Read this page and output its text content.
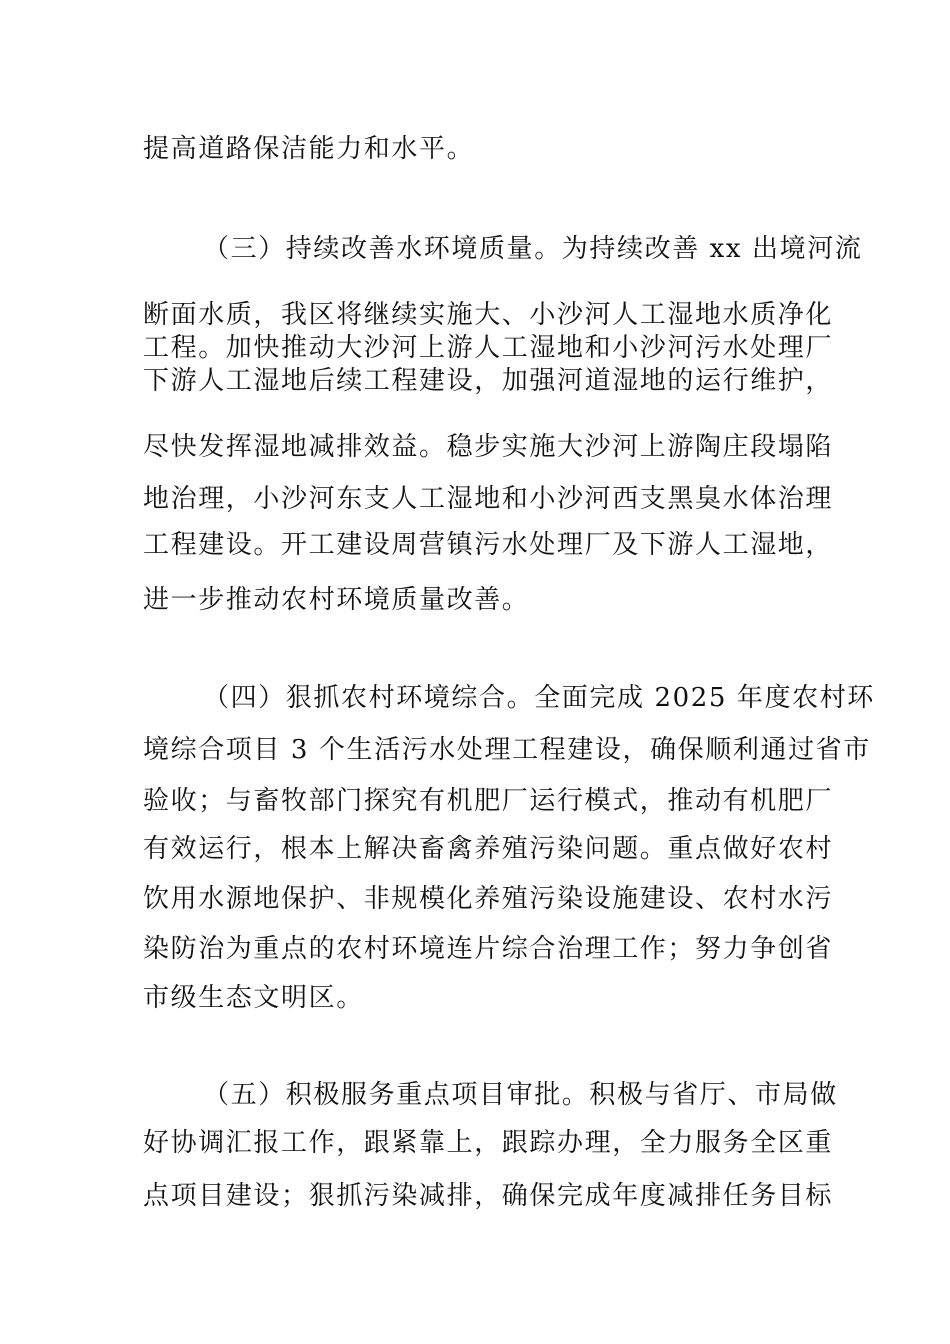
提高道路保洁能力和水平。
（三）持续改善水环境质量。为持续改善 xx 出境河流
断面水质，我区将继续实施大、小沙河人工湿地水质净化
工程。加快推动大沙河上游人工湿地和小沙河污水处理厂
下游人工湿地后续工程建设，加强河道湿地的运行维护，
尽快发挥湿地减排效益。稳步实施大沙河上游陶庄段塌陷
地治理，小沙河东支人工湿地和小沙河西支黑臭水体治理
工程建设。开工建设周营镇污水处理厂及下游人工湿地，
进一步推动农村环境质量改善。
（四）狠抓农村环境综合。全面完成 2025 年度农村环
境综合项目 3 个生活污水处理工程建设，确保顺利通过省市
验收；与畜牧部门探究有机肥厂运行模式，推动有机肥厂
有效运行，根本上解决畜禽养殖污染问题。重点做好农村
饮用水源地保护、非规模化养殖污染设施建设、农村水污
染防治为重点的农村环境连片综合治理工作；努力争创省
市级生态文明区。
（五）积极服务重点项目审批。积极与省厅、市局做
好协调汇报工作，跟紧靠上，跟踪办理，全力服务全区重
点项目建设；狠抓污染减排，确保完成年度减排任务目标
